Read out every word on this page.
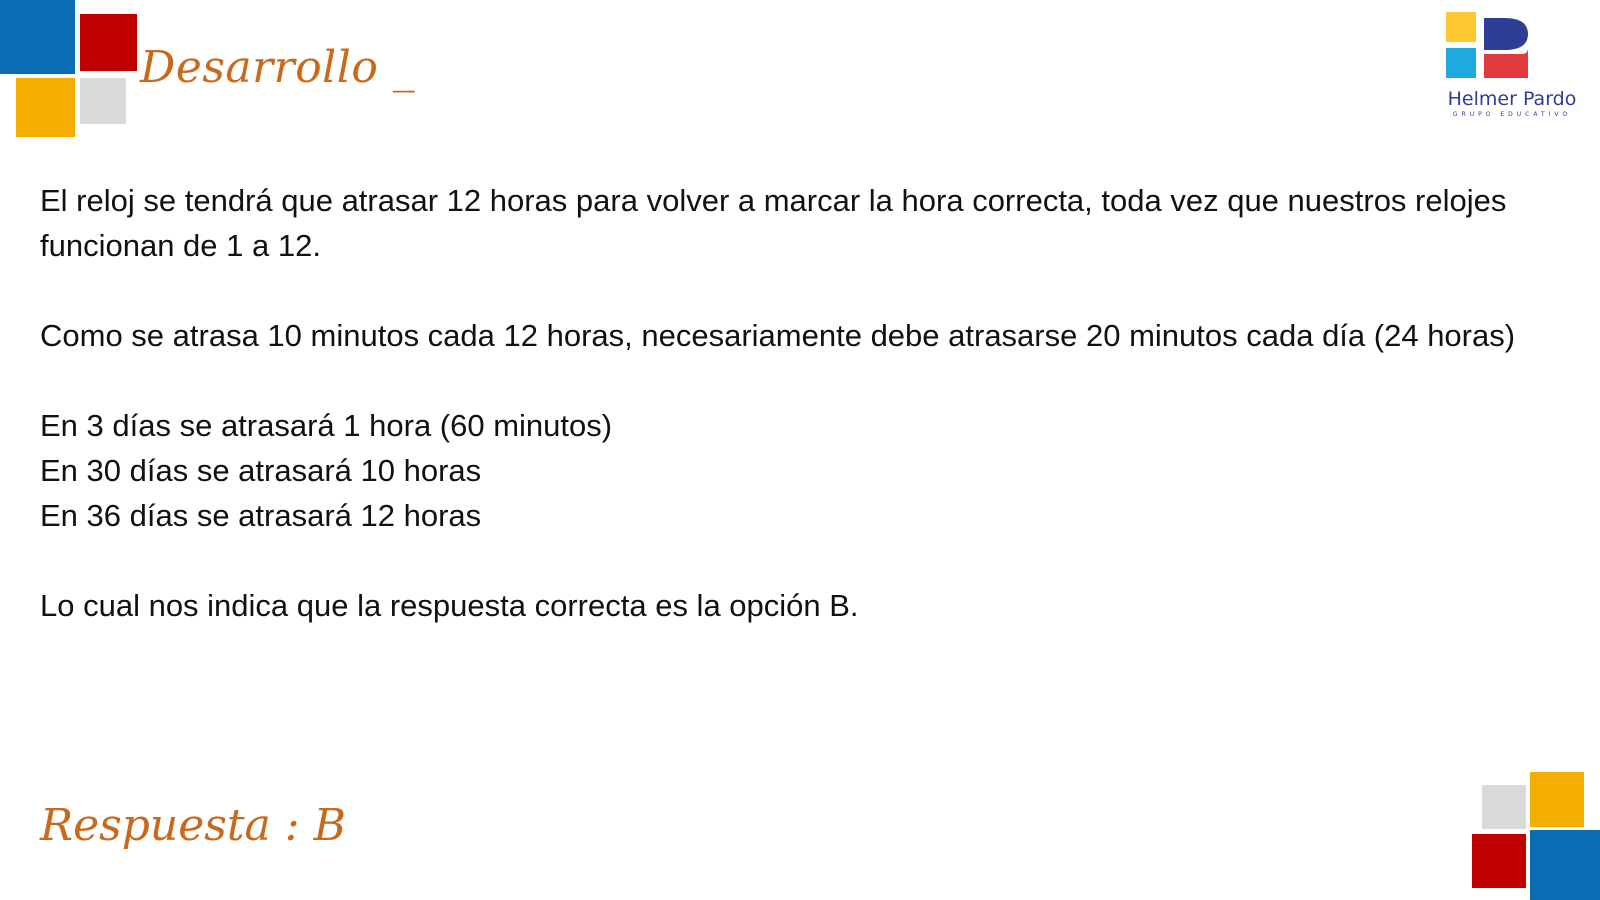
Desarrollo _
Helmer Pardo
GRUPO EDUCATIVO

El reloj se tendrá que atrasar 12 horas para volver a marcar la hora correcta, toda vez que nuestros relojes funcionan de 1 a 12.

Como se atrasa 10 minutos cada 12 horas, necesariamente debe atrasarse 20 minutos cada día (24 horas)

En 3 días se atrasará 1 hora (60 minutos)

En 30 días se atrasará 10 horas

En 36 días se atrasará 12 horas

Lo cual nos indica que la respuesta correcta es la opción B.

Respuesta : B
